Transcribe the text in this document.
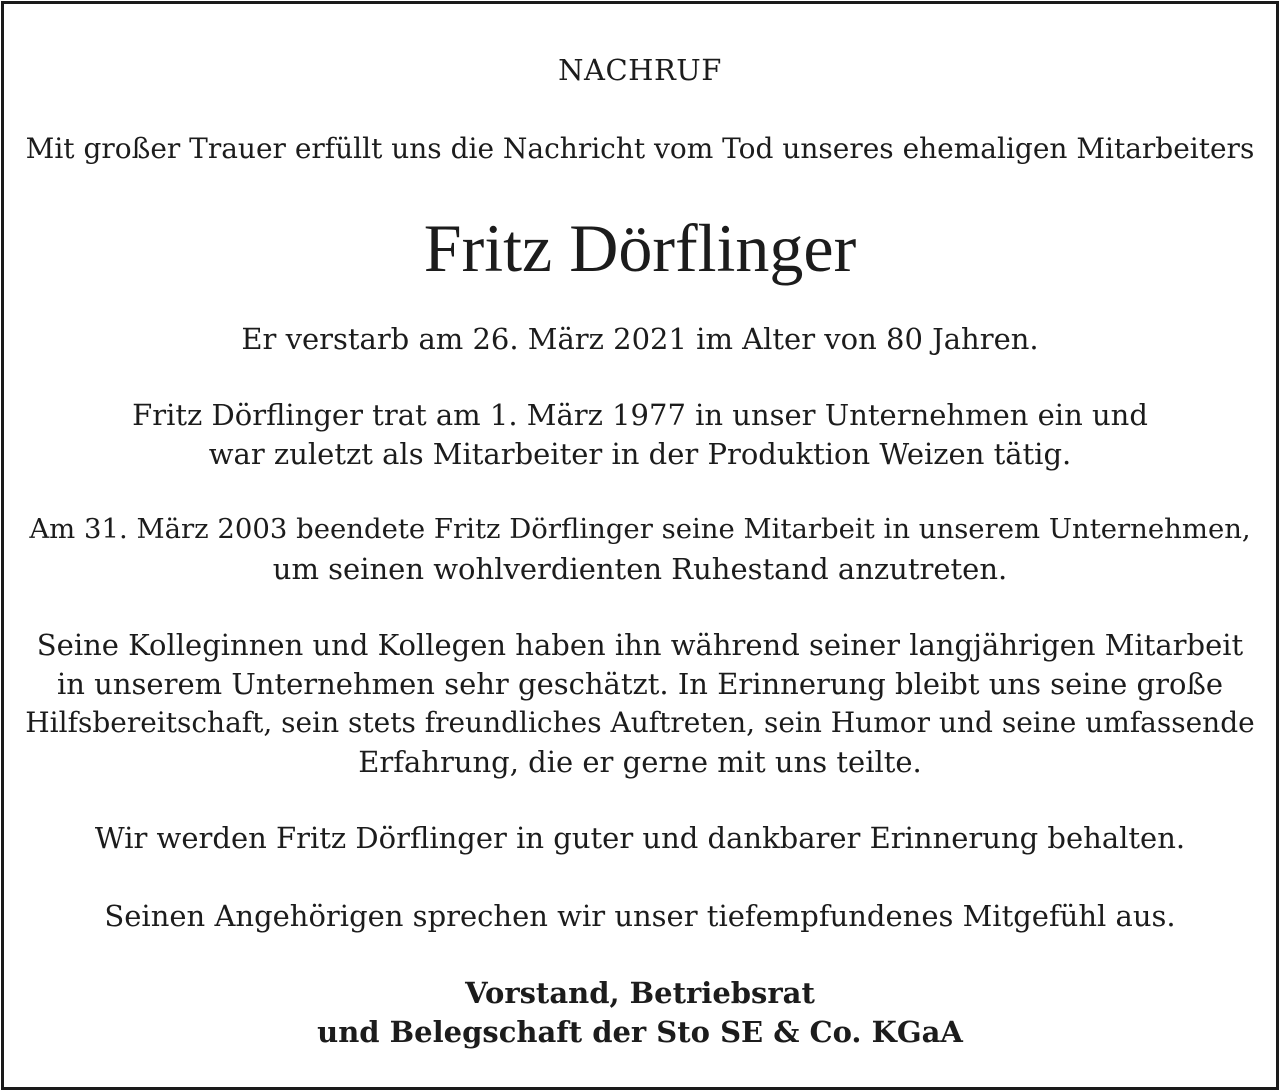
NACHRUF
Mit großer Trauer erfüllt uns die Nachricht vom Tod unseres ehemaligen Mitarbeiters
Fritz Dörflinger
Er verstarb am 26. März 2021 im Alter von 80 Jahren.
Fritz Dörflinger trat am 1. März 1977 in unser Unternehmen ein und
war zuletzt als Mitarbeiter in der Produktion Weizen tätig.
Am 31. März 2003 beendete Fritz Dörflinger seine Mitarbeit in unserem Unternehmen,
um seinen wohlverdienten Ruhestand anzutreten.
Seine Kolleginnen und Kollegen haben ihn während seiner langjährigen Mitarbeit
in unserem Unternehmen sehr geschätzt. In Erinnerung bleibt uns seine große
Hilfsbereitschaft, sein stets freundliches Auftreten, sein Humor und seine umfassende
Erfahrung, die er gerne mit uns teilte.
Wir werden Fritz Dörflinger in guter und dankbarer Erinnerung behalten.
Seinen Angehörigen sprechen wir unser tiefempfundenes Mitgefühl aus.
Vorstand, Betriebsrat
und Belegschaft der Sto SE & Co. KGaA
